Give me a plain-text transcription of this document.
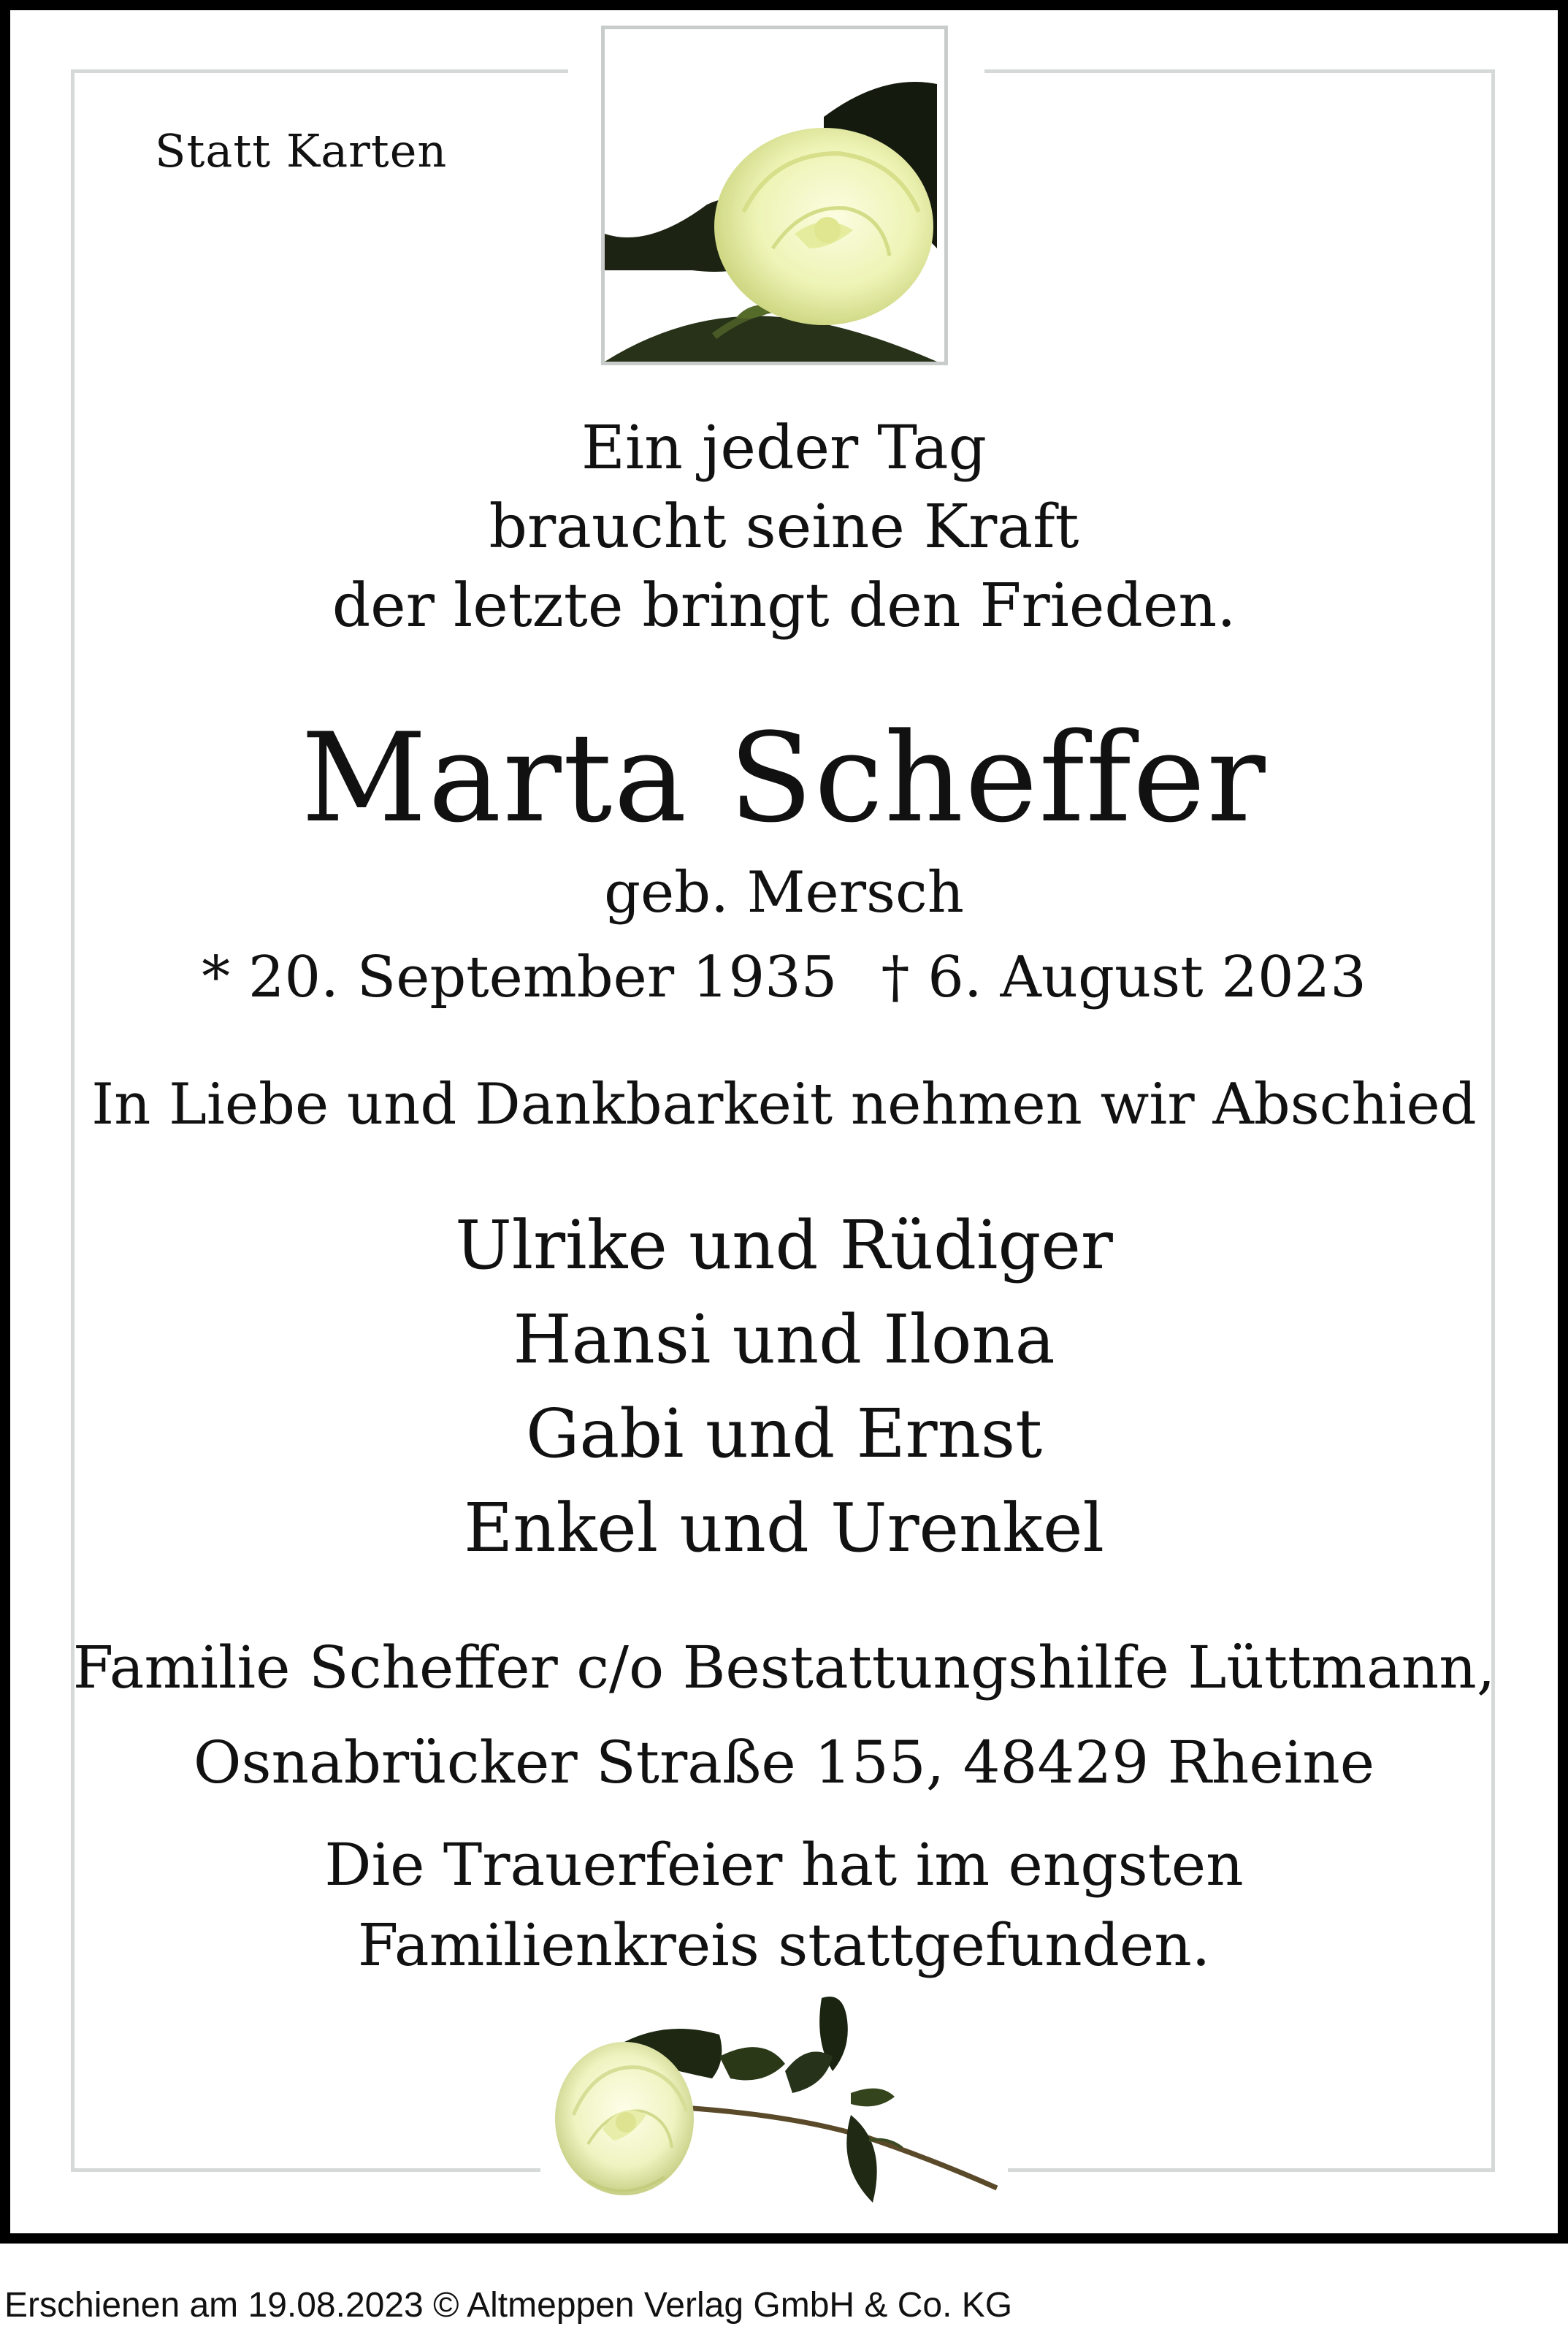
Statt Karten
Ein jeder Tag
braucht seine Kraft
der letzte bringt den Frieden.
Marta Scheffer
geb. Mersch
* 20. September 1935 † 6. August 2023
In Liebe und Dankbarkeit nehmen wir Abschied
Ulrike und Rüdiger
Hansi und Ilona
Gabi und Ernst
Enkel und Urenkel
Familie Scheffer c/o Bestattungshilfe Lüttmann,
Osnabrücker Straße 155, 48429 Rheine
Die Trauerfeier hat im engsten
Familienkreis stattgefunden.
Erschienen am 19.08.2023 © Altmeppen Verlag GmbH & Co. KG
